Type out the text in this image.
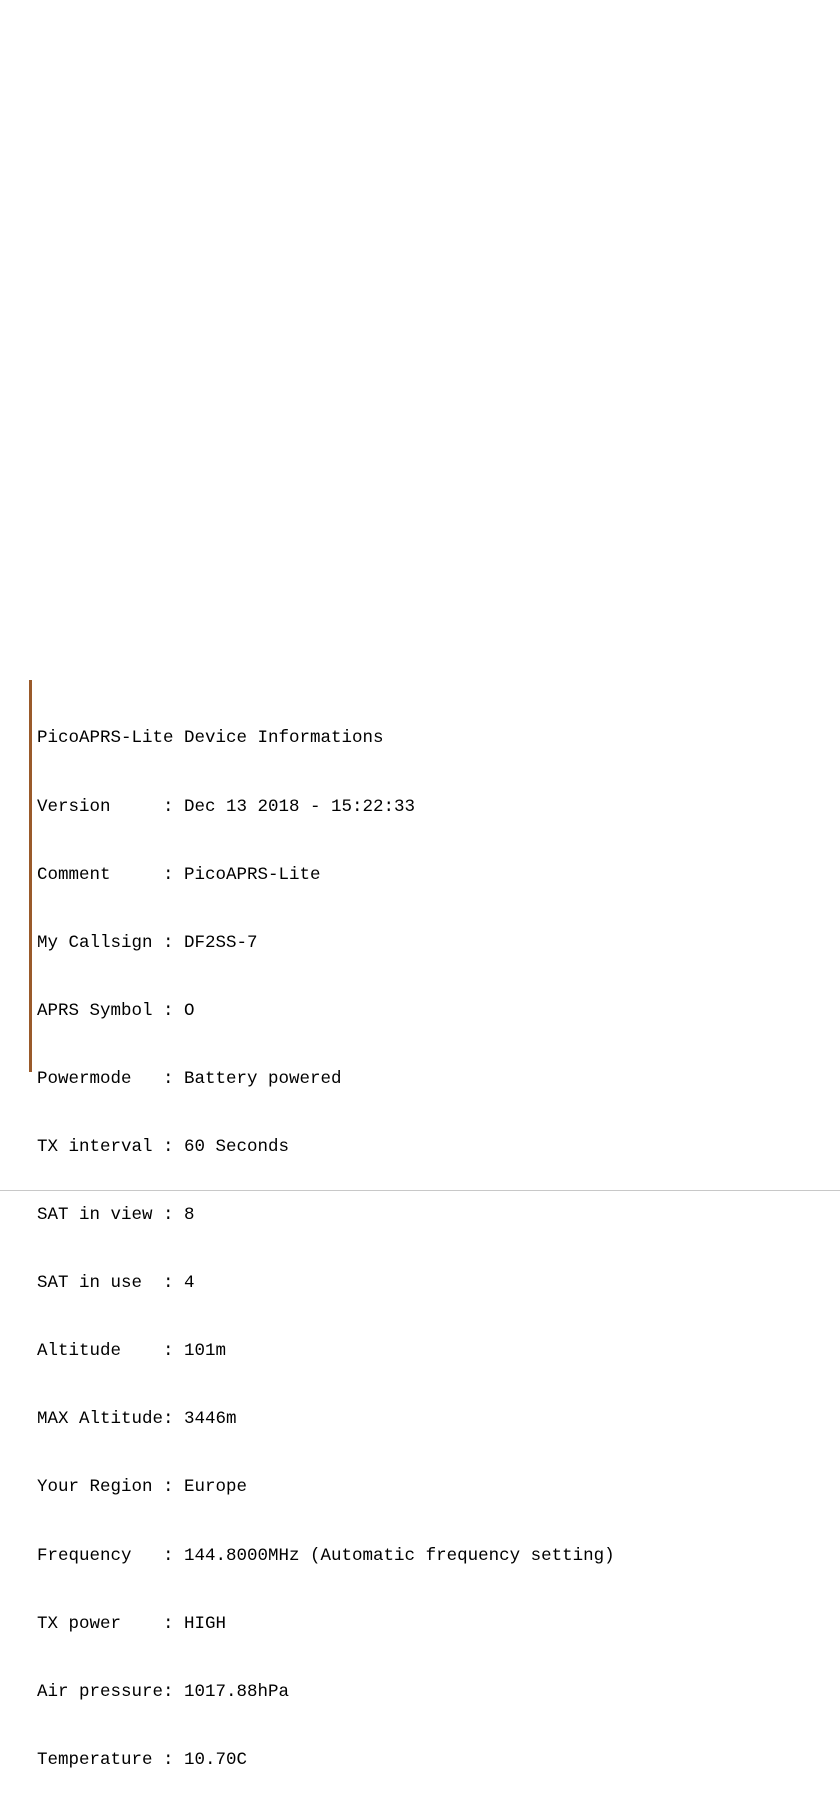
PicoAPRS-Lite Device Informations

Version     : Dec 13 2018 - 15:22:33

Comment     : PicoAPRS-Lite

My Callsign : DF2SS-7

APRS Symbol : O

Powermode   : Battery powered

TX interval : 60 Seconds

SAT in view : 8

SAT in use  : 4

Altitude    : 101m

MAX Altitude: 3446m

Your Region : Europe

Frequency   : 144.8000MHz (Automatic frequency setting)

TX power    : HIGH

Air pressure: 1017.88hPa

Temperature : 10.70C
